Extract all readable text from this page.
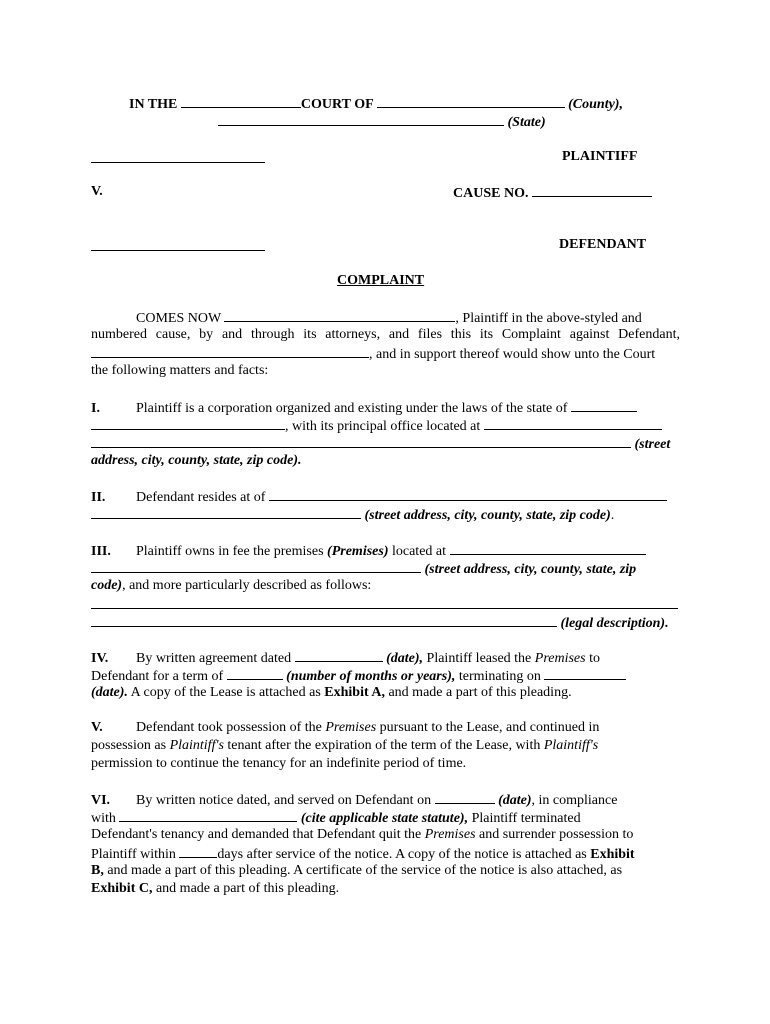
IN THE	COURT OF	(County),
(State)
PLAINTIFF
V.	CAUSE NO.
DEFENDANT
COMPLAINT
COMES NOW	, Plaintiff in the above-styled and
numbered cause, by and through its attorneys, and files this its Complaint against Defendant,
, and in support thereof would show unto the Court
the following matters and facts:
I.	Plaintiff is a corporation organized and existing under the laws of the state of
, with its principal office located at
(street
address, city, county, state, zip code).
II. Defendant resides at of
(street address, city, county, state, zip code).
III. Plaintiff owns in fee the premises (Premises) located at
(street address, city, county, state, zip
code), and more particularly described as follows:
(legal description).
IV. By written agreement dated	(date), Plaintiff leased the Premises to
Defendant for a term of	(number of months or years), terminating on
(date). A copy of the Lease is attached as Exhibit A, and made a part of this pleading.
V. Defendant took possession of the Premises pursuant to the Lease, and continued in
possession as Plaintiff's tenant after the expiration of the term of the Lease, with Plaintiff's
permission to continue the tenancy for an indefinite period of time.
VI. By written notice dated, and served on Defendant on	(date), in compliance
with	(cite applicable state statute), Plaintiff terminated
Defendant's tenancy and demanded that Defendant quit the Premises and surrender possession to
Plaintiff within	days after service of the notice. A copy of the notice is attached as Exhibit
B, and made a part of this pleading. A certificate of the service of the notice is also attached, as
Exhibit C, and made a part of this pleading.
